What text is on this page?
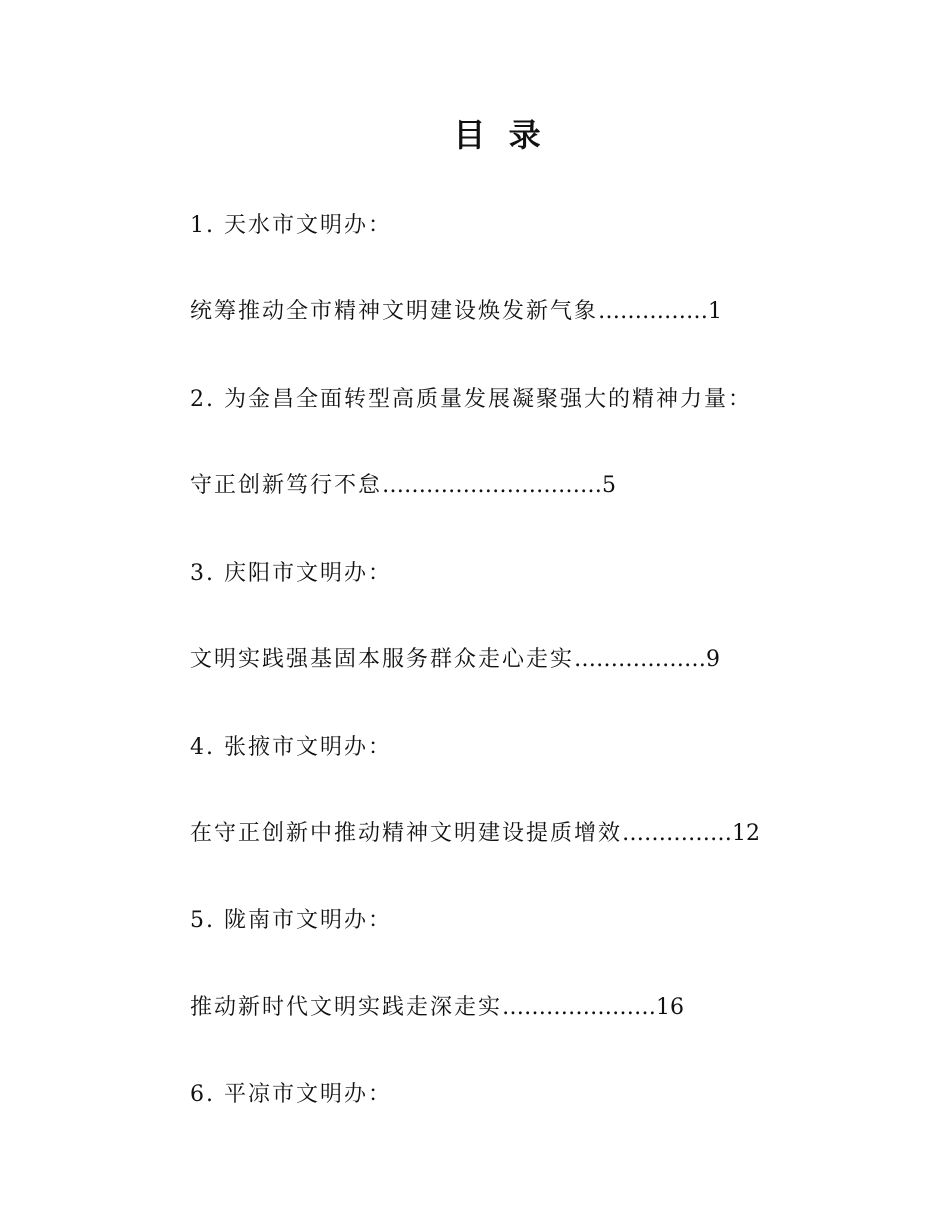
目 录
1. 天水市文明办：
统筹推动全市精神文明建设焕发新气象……………1
2. 为金昌全面转型高质量发展凝聚强大的精神力量：
守正创新笃行不怠…………………………5
3. 庆阳市文明办：
文明实践强基固本服务群众走心走实………………9
4. 张掖市文明办：
在守正创新中推动精神文明建设提质增效……………12
5. 陇南市文明办：
推动新时代文明实践走深走实…………………16
6. 平凉市文明办：
